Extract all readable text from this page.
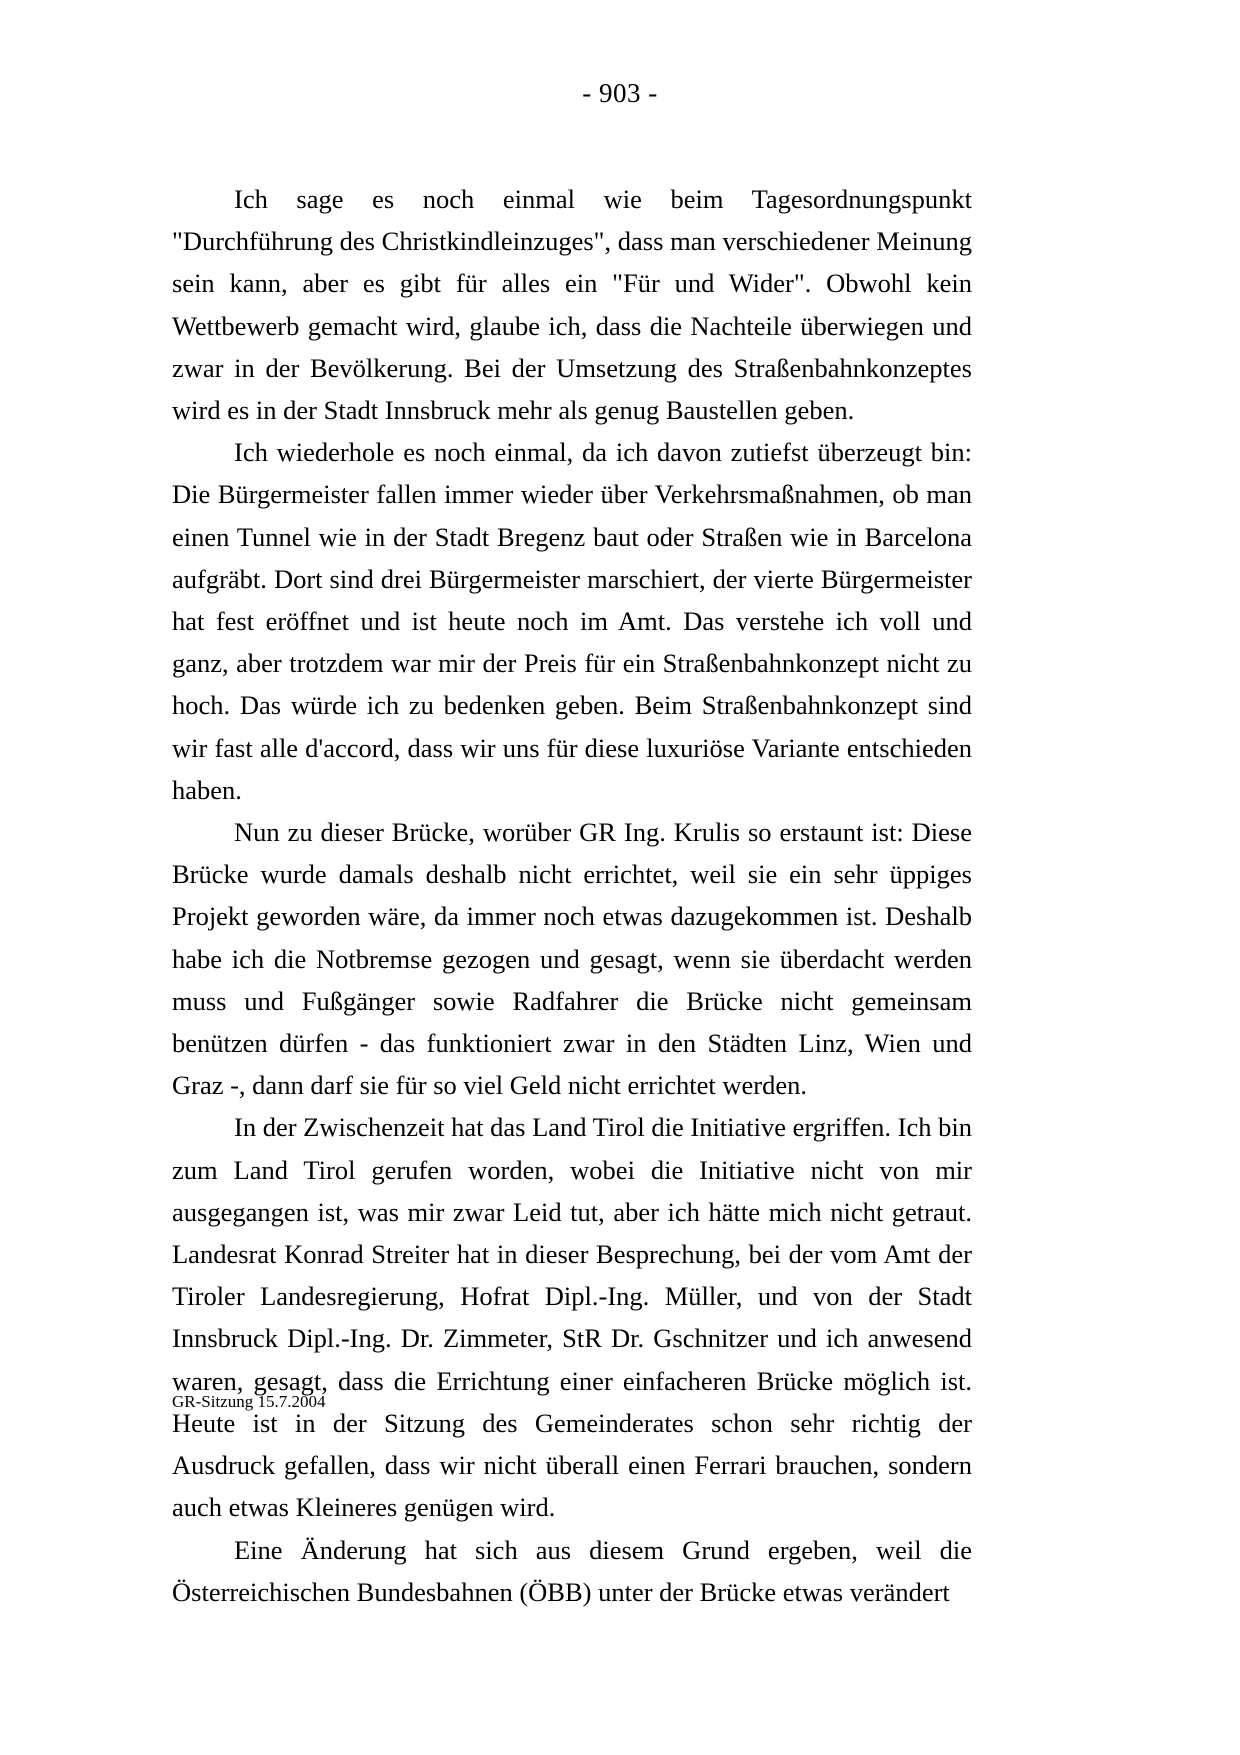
- 903 -

Ich sage es noch einmal wie beim Tagesordnungspunkt "Durchführung des Christkindleinzuges", dass man verschiedener Meinung sein kann, aber es gibt für alles ein "Für und Wider". Obwohl kein Wettbewerb gemacht wird, glaube ich, dass die Nachteile überwiegen und zwar in der Bevölkerung. Bei der Umsetzung des Straßenbahnkonzeptes wird es in der Stadt Innsbruck mehr als genug Baustellen geben.

Ich wiederhole es noch einmal, da ich davon zutiefst überzeugt bin: Die Bürgermeister fallen immer wieder über Verkehrsmaßnahmen, ob man einen Tunnel wie in der Stadt Bregenz baut oder Straßen wie in Barcelona aufgräbt. Dort sind drei Bürgermeister marschiert, der vierte Bürgermeister hat fest eröffnet und ist heute noch im Amt. Das verstehe ich voll und ganz, aber trotzdem war mir der Preis für ein Straßenbahnkonzept nicht zu hoch. Das würde ich zu bedenken geben. Beim Straßenbahnkonzept sind wir fast alle d'accord, dass wir uns für diese luxuriöse Variante entschieden haben.

Nun zu dieser Brücke, worüber GR Ing. Krulis so erstaunt ist: Diese Brücke wurde damals deshalb nicht errichtet, weil sie ein sehr üppiges Projekt geworden wäre, da immer noch etwas dazugekommen ist. Deshalb habe ich die Notbremse gezogen und gesagt, wenn sie überdacht werden muss und Fußgänger sowie Radfahrer die Brücke nicht gemeinsam benützen dürfen - das funktioniert zwar in den Städten Linz, Wien und Graz -, dann darf sie für so viel Geld nicht errichtet werden.

In der Zwischenzeit hat das Land Tirol die Initiative ergriffen. Ich bin zum Land Tirol gerufen worden, wobei die Initiative nicht von mir ausgegangen ist, was mir zwar Leid tut, aber ich hätte mich nicht getraut. Landesrat Konrad Streiter hat in dieser Besprechung, bei der vom Amt der Tiroler Landesregierung, Hofrat Dipl.-Ing. Müller, und von der Stadt Innsbruck Dipl.-Ing. Dr. Zimmeter, StR Dr. Gschnitzer und ich anwesend waren, gesagt, dass die Errichtung einer einfacheren Brücke möglich ist. Heute ist in der Sitzung des Gemeinderates schon sehr richtig der Ausdruck gefallen, dass wir nicht überall einen Ferrari brauchen, sondern auch etwas Kleineres genügen wird.

Eine Änderung hat sich aus diesem Grund ergeben, weil die Österreichischen Bundesbahnen (ÖBB) unter der Brücke etwas verändert

GR-Sitzung 15.7.2004
